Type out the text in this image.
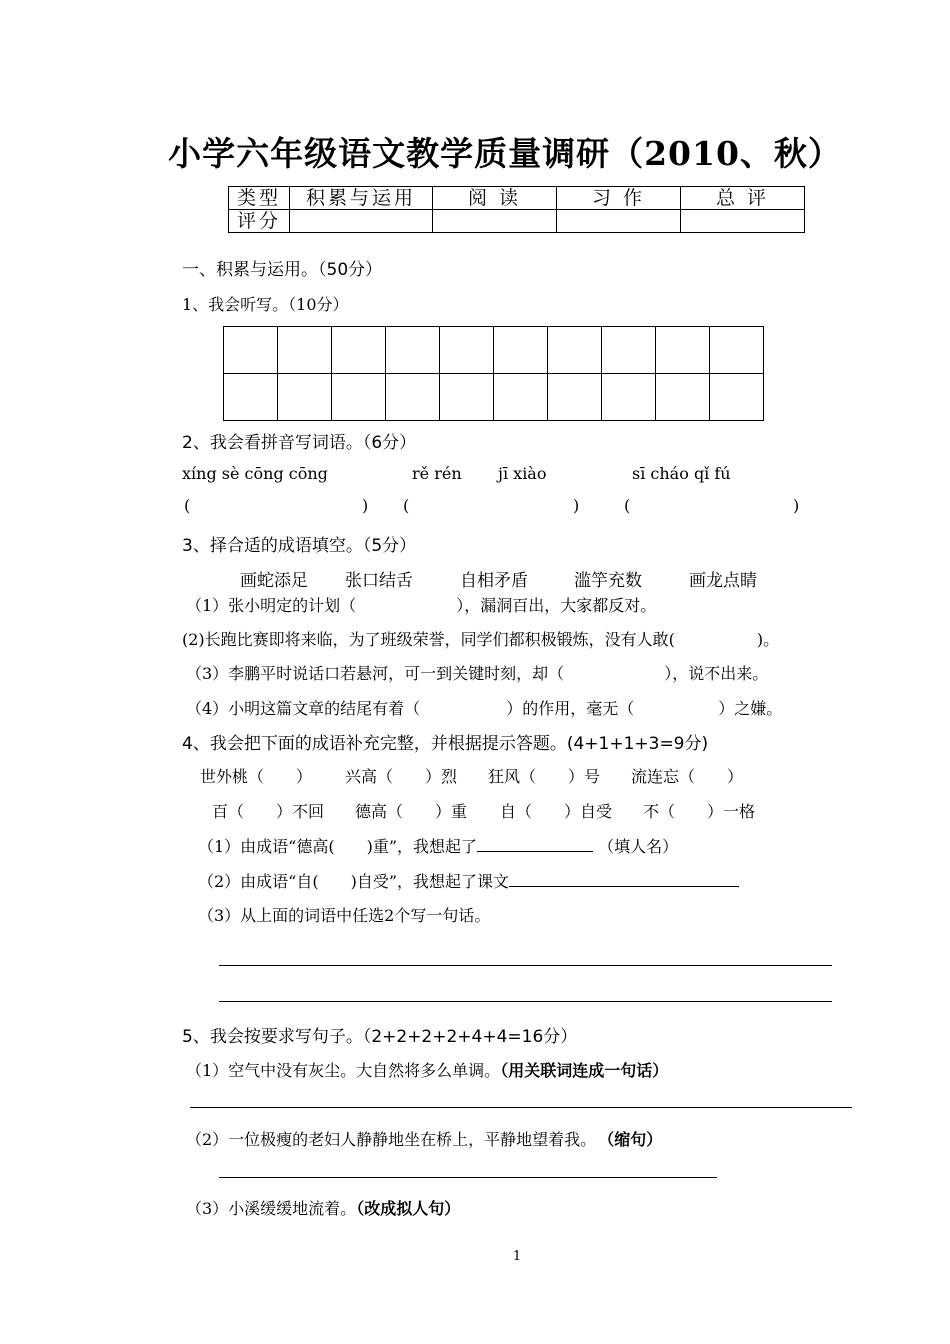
小学六年级语文教学质量调研（2010、秋）
类型	积累与运用	阅 读	习 作	总 评
评分				
一、积累与运用。（50分）
1、我会听写。（10分）

2、我会看拼音写词语。（6分）
xíng sè cōng cōng	rě rén jī xiào	sī cháo qǐ fú
(	) (	)	(	)
3、择合适的成语填空。（5分）
画蛇添足 张口结舌	自相矛盾	滥竽充数	画龙点睛
（1）张小明定的计划（	），漏洞百出，大家都反对。
(2)长跑比赛即将来临，为了班级荣誉，同学们都积极锻炼，没有人敢(	)。
（3）李鹏平时说话口若悬河，可一到关键时刻，却（	），说不出来。
（4）小明这篇文章的结尾有着（	）的作用，毫无（	）之嫌。
4、我会把下面的成语补充完整，并根据提示答题。(4+1+1+3=9分)
世外桃（　　） 兴高（　　）烈 狂风（　　）号 流连忘（　　）
百（　　）不回 德高（　　）重 自（　　）自受 不（　　）一格
（1）由成语“德高(　　)重”，我想起了	（填人名）
（2）由成语“自(　　)自受”，我想起了课文
（3）从上面的词语中任选2个写一句话。
5、我会按要求写句子。（2+2+2+2+4+4=16分）
（1）空气中没有灰尘。大自然将多么单调。（用关联词连成一句话）
（2）一位极瘦的老妇人静静地坐在桥上，平静地望着我。 （缩句）
（3）小溪缓缓地流着。（改成拟人句）
1
